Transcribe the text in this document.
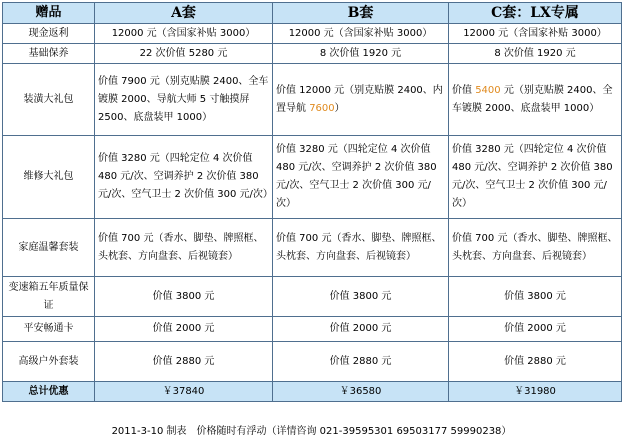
赠品	A套	B套	C套：LX专属
现金返利	12000 元（含国家补贴 3000）	12000 元（含国家补贴 3000）	12000 元（含国家补贴 3000）
基础保养	22 次价值 5280 元	8 次价值 1920 元	8 次价值 1920 元
装潢大礼包	价值 7900 元（别克贴膜 2400、全车镀膜 2000、导航大师 5 寸触摸屏 2500、底盘装甲 1000）	价值 12000 元（别克贴膜 2400、内置导航 7600）	价值 5400 元（别克贴膜 2400、全车镀膜 2000、底盘装甲 1000）
维修大礼包	价值 3280 元（四轮定位 4 次价值 480 元/次、空调养护 2 次价值 380 元/次、空气卫士 2 次价值 300 元/次）	价值 3280 元（四轮定位 4 次价值 480 元/次、空调养护 2 次价值 380 元/次、空气卫士 2 次价值 300 元/次）	价值 3280 元（四轮定位 4 次价值 480 元/次、空调养护 2 次价值 380 元/次、空气卫士 2 次价值 300 元/次）
家庭温馨套装	价值 700 元（香水、脚垫、牌照框、头枕套、方向盘套、后视镜套）	价值 700 元（香水、脚垫、牌照框、头枕套、方向盘套、后视镜套）	价值 700 元（香水、脚垫、牌照框、头枕套、方向盘套、后视镜套）
变速箱五年质量保证	价值 3800 元	价值 3800 元	价值 3800 元
平安畅通卡	价值 2000 元	价值 2000 元	价值 2000 元
高级户外套装	价值 2880 元	价值 2880 元	价值 2880 元
总计优惠	￥37840	￥36580	￥31980
2011-3-10 制表　价格随时有浮动（详情咨询 021-39595301 69503177 59990238）
